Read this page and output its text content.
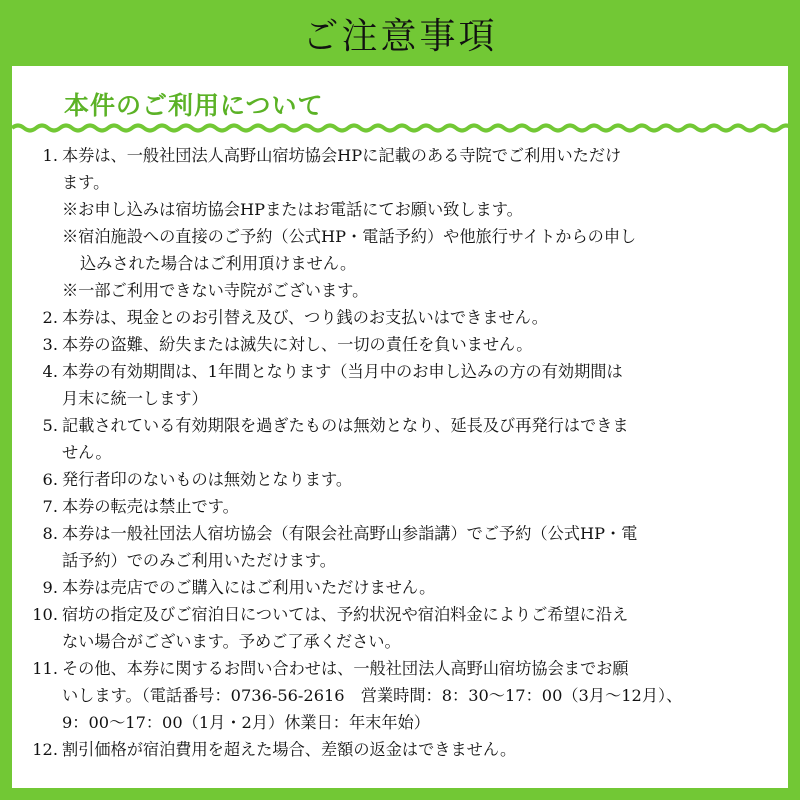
ご注意事項
本件のご利用について
1. 本券は、一般社団法人高野山宿坊協会HPに記載のある寺院でご利用いただけ
ます。
※お申し込みは宿坊協会HPまたはお電話にてお願い致します。
※宿泊施設への直接のご予約（公式HP・電話予約）や他旅行サイトからの申し
込みされた場合はご利用頂けません。
※一部ご利用できない寺院がございます。
2. 本券は、現金とのお引替え及び、つり銭のお支払いはできません。
3. 本券の盗難、紛失または滅失に対し、一切の責任を負いません。
4. 本券の有効期間は、1年間となります（当月中のお申し込みの方の有効期間は
月末に統一します）
5. 記載されている有効期限を過ぎたものは無効となり、延長及び再発行はできま
せん。
6. 発行者印のないものは無効となります。
7. 本券の転売は禁止です。
8. 本券は一般社団法人宿坊協会（有限会社高野山参詣講）でご予約（公式HP・電
話予約）でのみご利用いただけます。
9. 本券は売店でのご購入にはご利用いただけません。
10. 宿坊の指定及びご宿泊日については、予約状況や宿泊料金によりご希望に沿え
ない場合がございます。予めご了承ください。
11. その他、本券に関するお問い合わせは、一般社団法人高野山宿坊協会までお願
いします。（電話番号：0736-56-2616　営業時間：8：30〜17：00（3月〜12月）、
9：00〜17：00（1月・2月）休業日：年末年始）
12. 割引価格が宿泊費用を超えた場合、差額の返金はできません。
